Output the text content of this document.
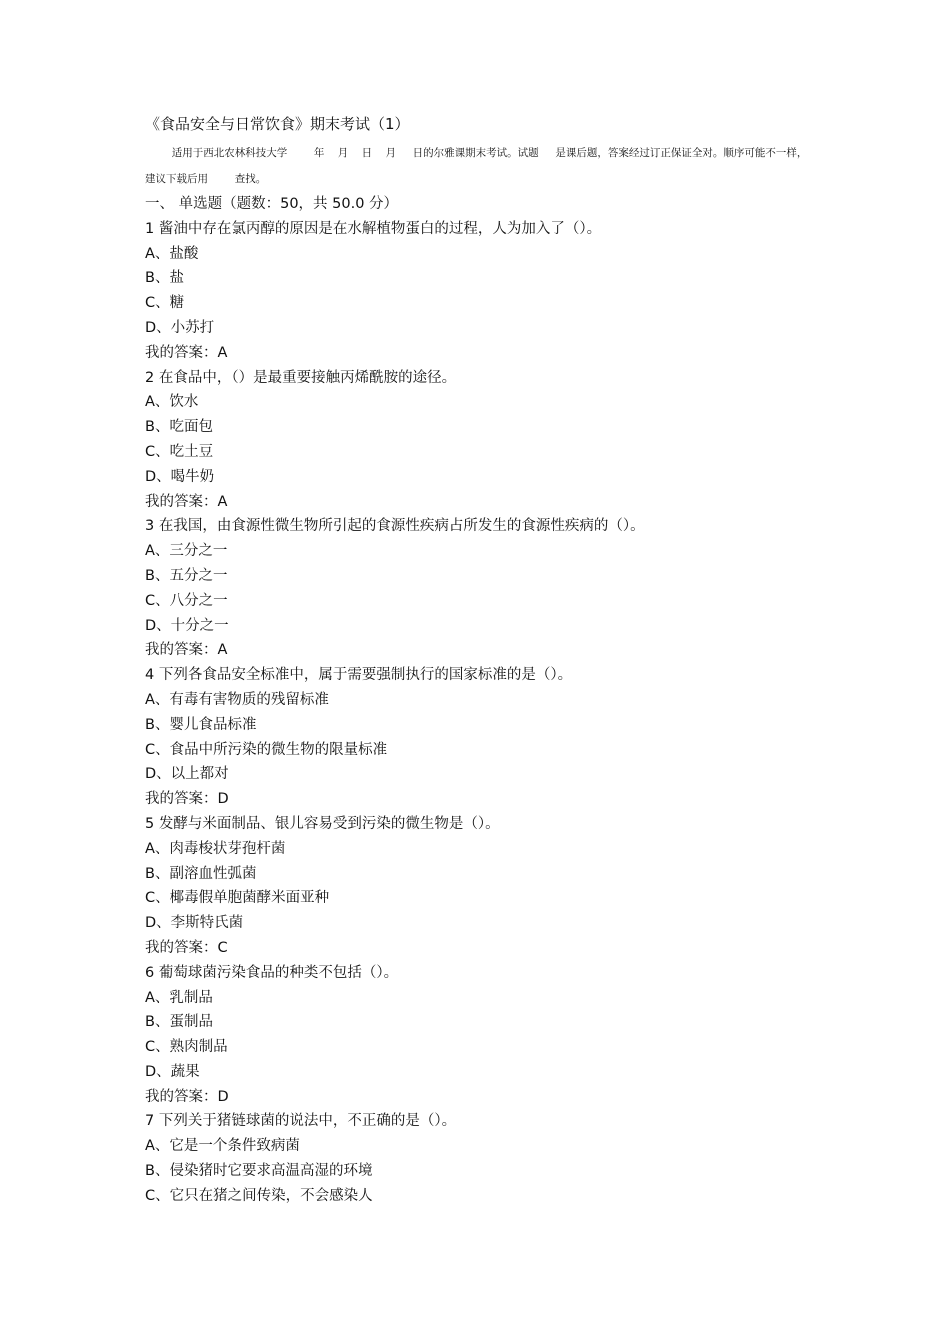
《食品安全与日常饮食》期末考试（1）
适用于西北农林科技大学        年    月    日    月     日的尔雅课期末考试。试题     是课后题，答案经过订正保证全对。顺序可能不一样，建议下载后用        查找。
一、 单选题（题数：50，共 50.0 分）
1 酱油中存在氯丙醇的原因是在水解植物蛋白的过程，人为加入了（）。
A、盐酸
B、盐
C、糖
D、小苏打
我的答案：A
2 在食品中，（）是最重要接触丙烯酰胺的途径。
A、饮水
B、吃面包
C、吃土豆
D、喝牛奶
我的答案：A
3 在我国，由食源性微生物所引起的食源性疾病占所发生的食源性疾病的（）。
A、三分之一
B、五分之一
C、八分之一
D、十分之一
我的答案：A
4 下列各食品安全标准中，属于需要强制执行的国家标准的是（）。
A、有毒有害物质的残留标准
B、婴儿食品标准
C、食品中所污染的微生物的限量标准
D、以上都对
我的答案：D
5 发酵与米面制品、银儿容易受到污染的微生物是（）。
A、肉毒梭状芽孢杆菌
B、副溶血性弧菌
C、椰毒假单胞菌酵米面亚种
D、李斯特氏菌
我的答案：C
6 葡萄球菌污染食品的种类不包括（）。
A、乳制品
B、蛋制品
C、熟肉制品
D、蔬果
我的答案：D
7 下列关于猪链球菌的说法中，不正确的是（）。
A、它是一个条件致病菌
B、侵染猪时它要求高温高湿的环境
C、它只在猪之间传染，不会感染人
